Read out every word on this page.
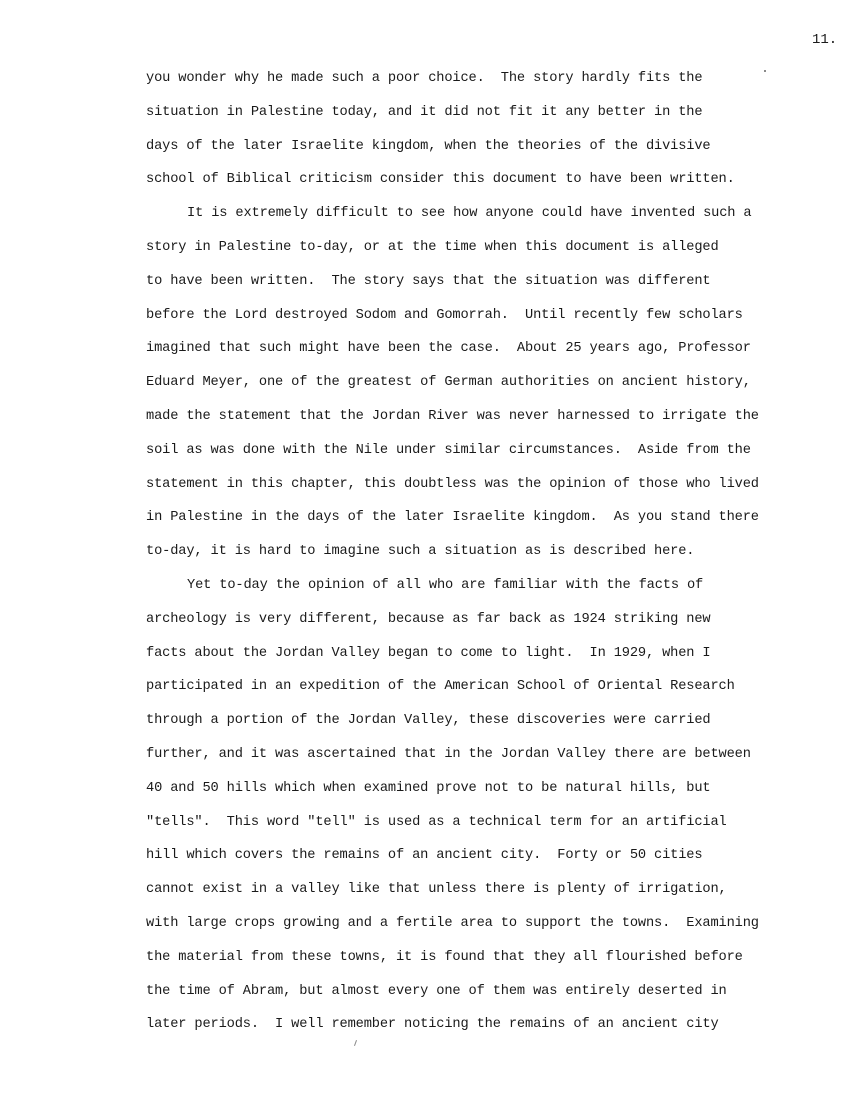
11.
you wonder why he made such a poor choice.  The story hardly fits the
situation in Palestine today, and it did not fit it any better in the
days of the later Israelite kingdom, when the theories of the divisive
school of Biblical criticism consider this document to have been written.
It is extremely difficult to see how anyone could have invented such a
story in Palestine to-day, or at the time when this document is alleged
to have been written.  The story says that the situation was different
before the Lord destroyed Sodom and Gomorrah.  Until recently few scholars
imagined that such might have been the case.  About 25 years ago, Professor
Eduard Meyer, one of the greatest of German authorities on ancient history,
made the statement that the Jordan River was never harnessed to irrigate the
soil as was done with the Nile under similar circumstances.  Aside from the
statement in this chapter, this doubtless was the opinion of those who lived
in Palestine in the days of the later Israelite kingdom.  As you stand there
to-day, it is hard to imagine such a situation as is described here.
Yet to-day the opinion of all who are familiar with the facts of
archeology is very different, because as far back as 1924 striking new
facts about the Jordan Valley began to come to light.  In 1929, when I
participated in an expedition of the American School of Oriental Research
through a portion of the Jordan Valley, these discoveries were carried
further, and it was ascertained that in the Jordan Valley there are between
40 and 50 hills which when examined prove not to be natural hills, but
"tells".  This word "tell" is used as a technical term for an artificial
hill which covers the remains of an ancient city.  Forty or 50 cities
cannot exist in a valley like that unless there is plenty of irrigation,
with large crops growing and a fertile area to support the towns.  Examining
the material from these towns, it is found that they all flourished before
the time of Abram, but almost every one of them was entirely deserted in
later periods.  I well remember noticing the remains of an ancient city
